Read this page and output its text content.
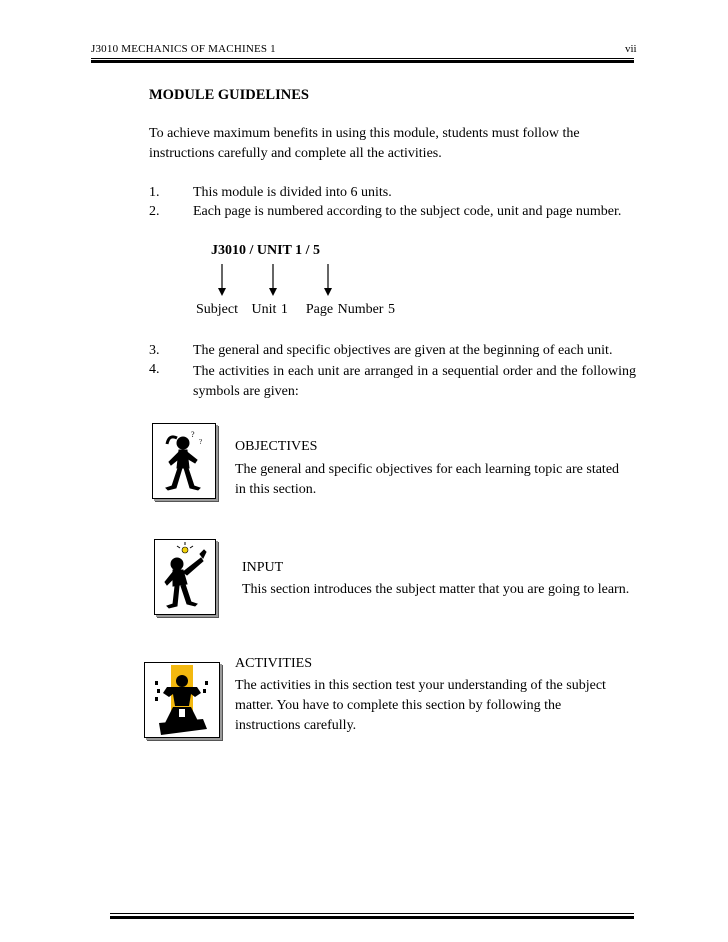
J3010 MECHANICS OF MACHINES 1	vii
MODULE GUIDELINES
To achieve maximum benefits in using this module, students must follow the
instructions carefully and complete all the activities.
1. This module is divided into 6 units.
2. Each page is numbered according to the subject code, unit and page number.
J3010 / UNIT 1 / 5
Subject   Unit 1    Page Number 5
3. The general and specific objectives are given at the beginning of each unit.
4. The activities in each unit are arranged in a sequential order and the following symbols are given:
?
? OBJECTIVES
The general and specific objectives for each learning topic are stated
in this section.
INPUT
This section introduces the subject matter that you are going to learn.
ACTIVITIES
The activities in this section test your understanding of the subject
matter. You have to complete this section by following the
instructions carefully.
